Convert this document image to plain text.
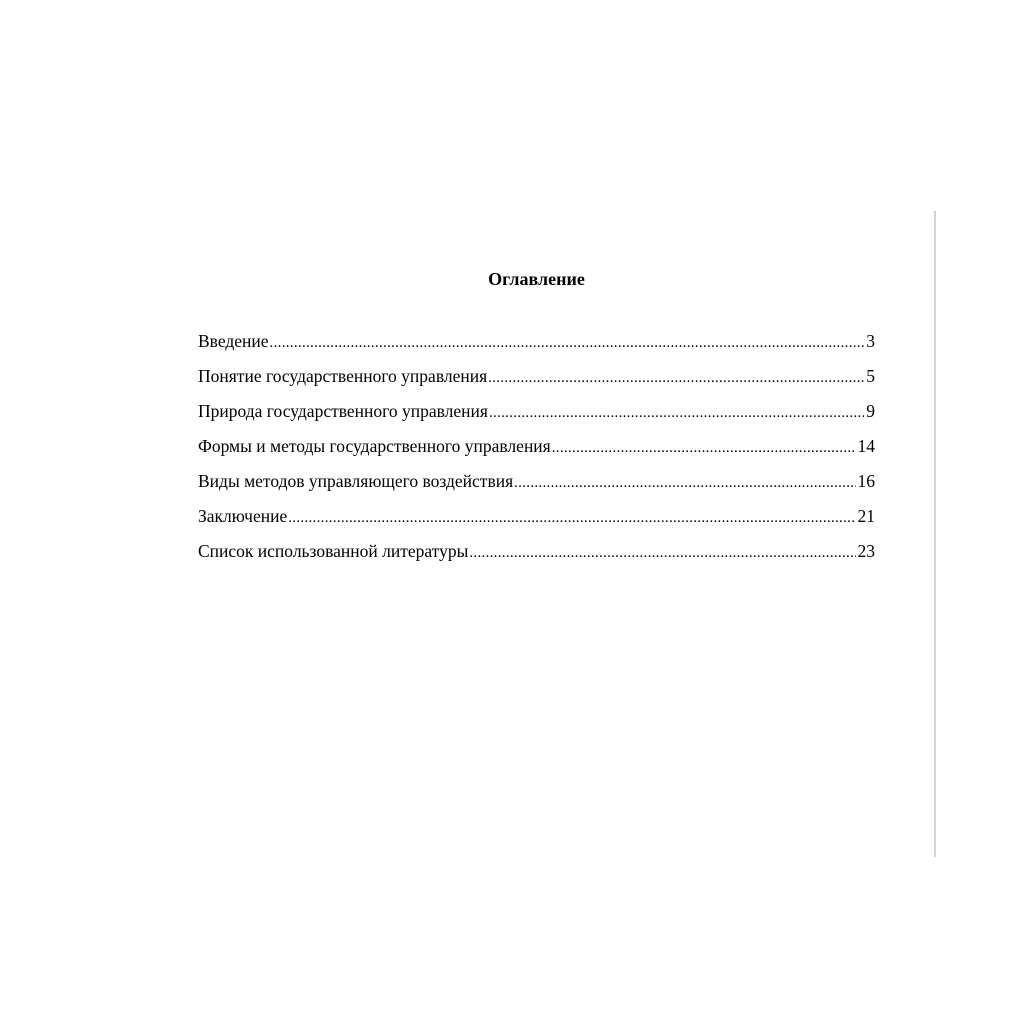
Оглавление
Введение .....	3
Понятие государственного управления .....	5
Природа государственного управления .....	9
Формы и методы государственного управления .....	14
Виды методов управляющего воздействия .....	16
Заключение .....	21
Список использованной литературы .....	23
